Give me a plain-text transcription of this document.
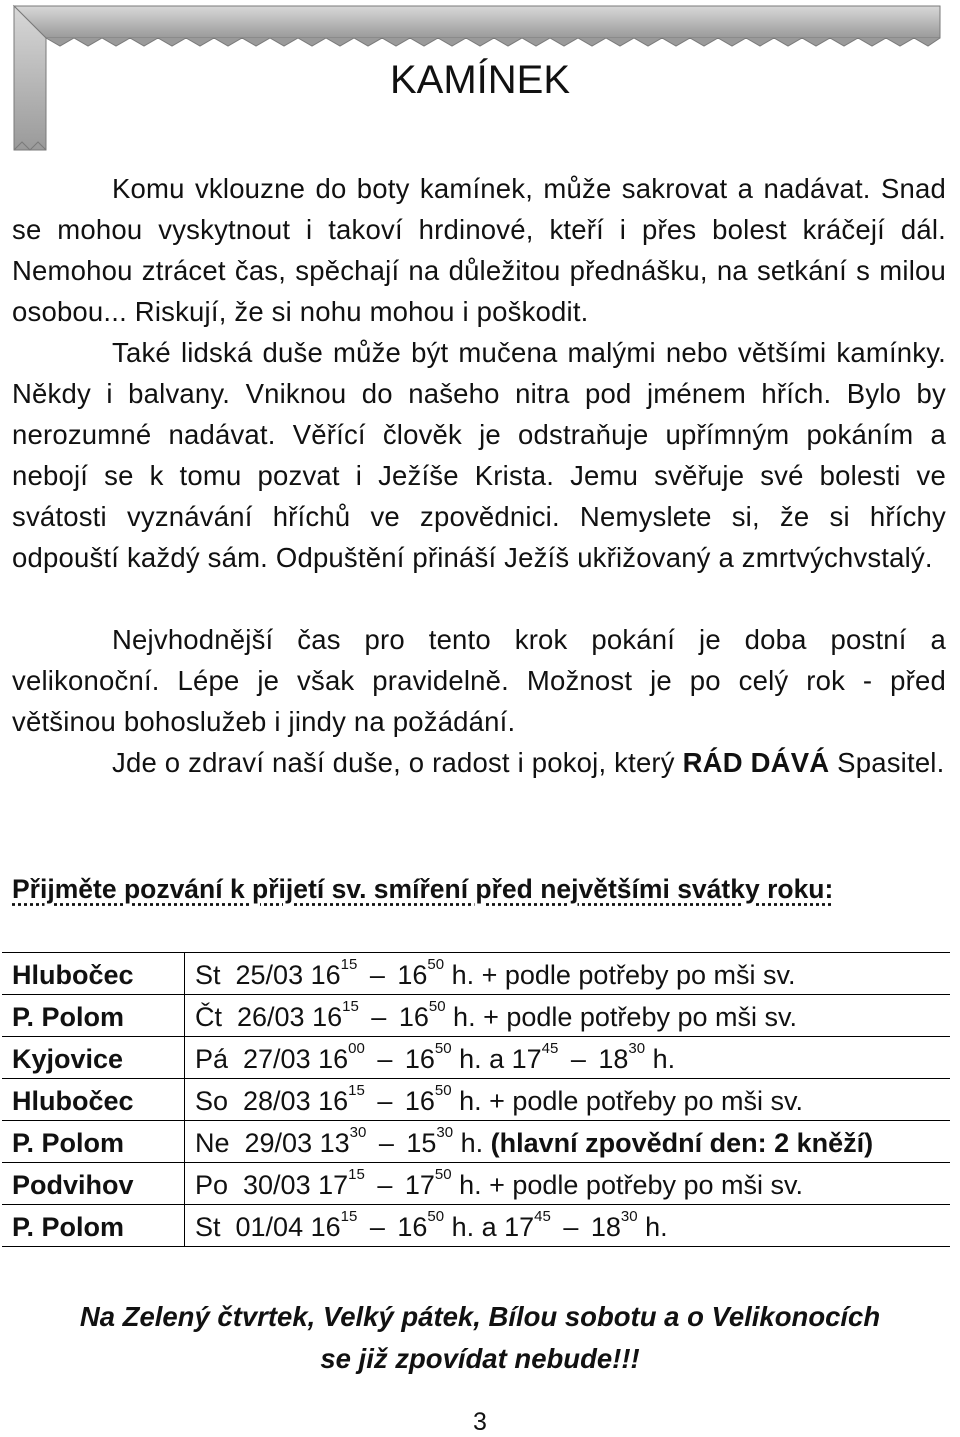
KAMÍNEK

Komu vklouzne do boty kamínek, může sakrovat a nadávat. Snad se mohou vyskytnout i takoví hrdinové, kteří i přes bolest kráčejí dál. Nemohou ztrácet čas, spěchají na důležitou přednášku, na setkání s milou osobou... Riskují, že si nohu mohou i poškodit.

Také lidská duše může být mučena malými nebo většími kamínky. Někdy i balvany. Vniknou do našeho nitra pod jménem hřích. Bylo by nerozumné nadávat. Věřící člověk je odstraňuje upřímným pokáním a nebojí se k tomu pozvat i Ježíše Krista. Jemu svěřuje své bolesti ve svátosti vyznávání hříchů ve zpovědnici. Nemyslete si, že si hříchy odpouští každý sám. Odpuštění přináší Ježíš ukřižovaný a zmrtvýchvstalý.

Nejvhodnější čas pro tento krok pokání je doba postní a velikonoční. Lépe je však pravidelně. Možnost je po celý rok - před většinou bohoslužeb i jindy na požádání.

Jde o zdraví naší duše, o radost i pokoj, který RÁD DÁVÁ Spasitel.

Přijměte pozvání k přijetí sv. smíření před největšími svátky roku:
Hlubočec	St  25/03 $16^{15} - 16^{50}$ h. + podle potřeby po mši sv.
P. Polom	Čt  26/03 $16^{15} - 16^{50}$ h. + podle potřeby po mši sv.
Kyjovice	Pá  27/03 $16^{00} - 16^{50}$ h. a $17^{45} - 18^{30}$ h.
Hlubočec	So  28/03 $16^{15} - 16^{50}$ h. + podle potřeby po mši sv.
P. Polom	Ne  29/03 $13^{30} - 15^{30}$ h. (hlavní zpovědní den: 2 kněží)
Podvihov	Po  30/03 $17^{15} - 17^{50}$ h. + podle potřeby po mši sv.
P. Polom	St  01/04 $16^{15} - 16^{50}$ h. a $17^{45} - 18^{30}$ h.
Na Zelený čtvrtek, Velký pátek, Bílou sobotu a o Velikonocích
se již zpovídat nebude!!!
3
